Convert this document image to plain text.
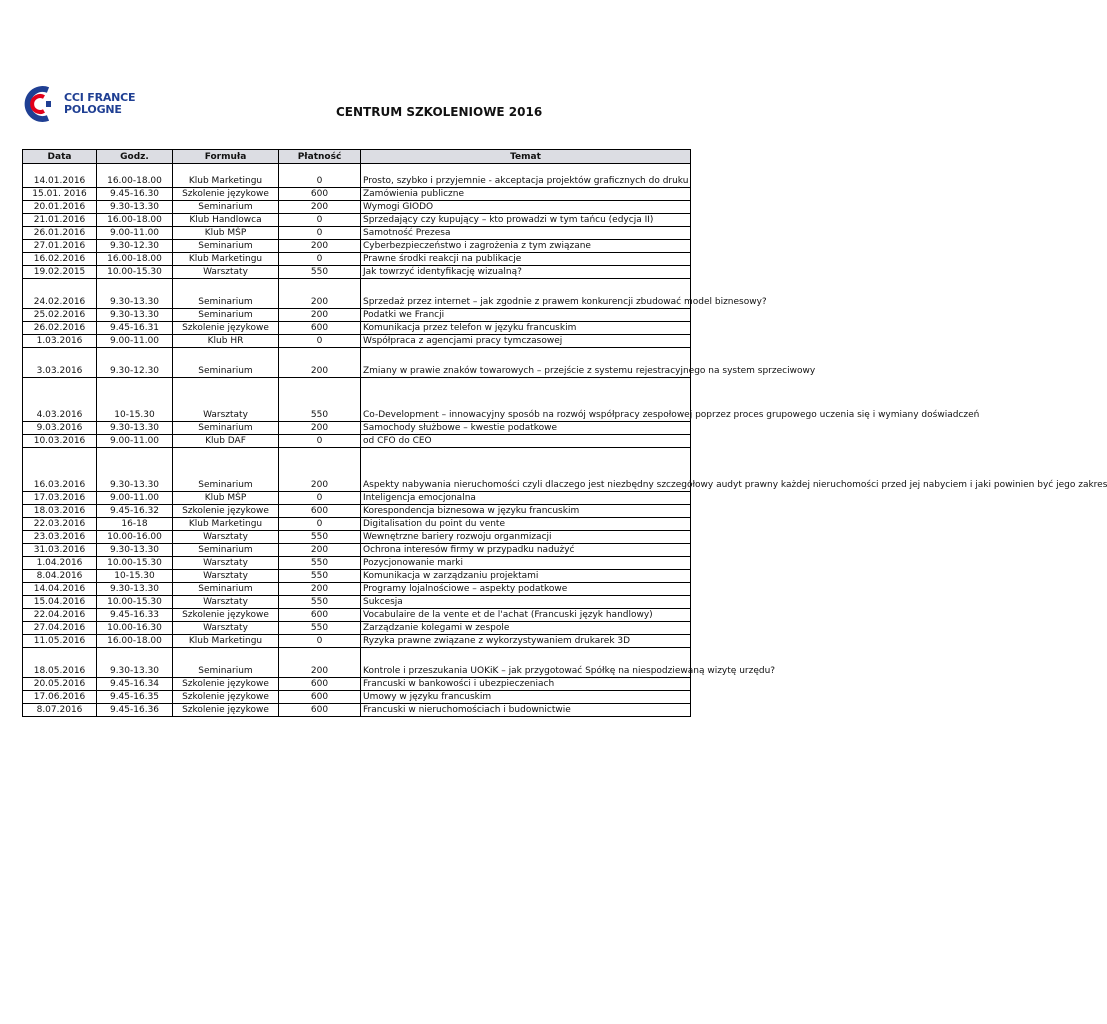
CCI FRANCE
POLOGNE	CENTRUM SZKOLENIOWE 2016
Data	Godz.	Formuła	Płatność	Temat
14.01.2016	16.00-18.00	Klub Marketingu	0	Prosto, szybko i przyjemnie - akceptacja projektów graficznych do druku
15.01. 2016	9.45-16.30	Szkolenie językowe	600	Zamówienia publiczne
20.01.2016	9.30-13.30	Seminarium	200	Wymogi GIODO
21.01.2016	16.00-18.00	Klub Handlowca	0	Sprzedający czy kupujący – kto prowadzi w tym tańcu (edycja II)
26.01.2016	9.00-11.00	Klub MŚP	0	Samotność Prezesa
27.01.2016	9.30-12.30	Seminarium	200	Cyberbezpieczeństwo i zagrożenia z tym związane
16.02.2016	16.00-18.00	Klub Marketingu	0	Prawne środki reakcji na publikacje
19.02.2015	10.00-15.30	Warsztaty	550	Jak towrzyć identyfikację wizualną?
24.02.2016	9.30-13.30	Seminarium	200	Sprzedaż przez internet – jak zgodnie z prawem konkurencji zbudować model biznesowy?
25.02.2016	9.30-13.30	Seminarium	200	Podatki we Francji
26.02.2016	9.45-16.31	Szkolenie językowe	600	Komunikacja przez telefon w języku francuskim
1.03.2016	9.00-11.00	Klub HR	0	Współpraca z agencjami pracy tymczasowej
3.03.2016	9.30-12.30	Seminarium	200	Zmiany w prawie znaków towarowych – przejście z systemu rejestracyjnego na system sprzeciwowy
4.03.2016	10-15.30	Warsztaty	550	Co-Development – innowacyjny sposób na rozwój współpracy zespołowej poprzez proces grupowego uczenia się i wymiany doświadczeń
9.03.2016	9.30-13.30	Seminarium	200	Samochody służbowe – kwestie podatkowe
10.03.2016	9.00-11.00	Klub DAF	0	od CFO do CEO
16.03.2016	9.30-13.30	Seminarium	200	Aspekty nabywania nieruchomości czyli dlaczego jest niezbędny szczegółowy audyt prawny każdej nieruchomości przed jej nabyciem i jaki powinien być jego zakres
17.03.2016	9.00-11.00	Klub MŚP	0	Inteligencja emocjonalna
18.03.2016	9.45-16.32	Szkolenie językowe	600	Korespondencja biznesowa w języku francuskim
22.03.2016	16-18	Klub Marketingu	0	Digitalisation du point du vente
23.03.2016	10.00-16.00	Warsztaty	550	Wewnętrzne bariery rozwoju organmizacji
31.03.2016	9.30-13.30	Seminarium	200	Ochrona interesów firmy w przypadku nadużyć
1.04.2016	10.00-15.30	Warsztaty	550	Pozycjonowanie marki
8.04.2016	10-15.30	Warsztaty	550	Komunikacja w zarządzaniu projektami
14.04.2016	9.30-13.30	Seminarium	200	Programy lojalnościowe – aspekty podatkowe
15.04.2016	10.00-15.30	Warsztaty	550	Sukcesja
22.04.2016	9.45-16.33	Szkolenie językowe	600	Vocabulaire de la vente et de l'achat (Francuski język handlowy)
27.04.2016	10.00-16.30	Warsztaty	550	Zarządzanie kolegami w zespole
11.05.2016	16.00-18.00	Klub Marketingu	0	Ryzyka prawne związane z wykorzystywaniem drukarek 3D
18.05.2016	9.30-13.30	Seminarium	200	Kontrole i przeszukania UOKiK – jak przygotować Spółkę na niespodziewaną wizytę urzędu?
20.05.2016	9.45-16.34	Szkolenie językowe	600	Francuski w bankowości i ubezpieczeniach
17.06.2016	9.45-16.35	Szkolenie językowe	600	Umowy w języku francuskim
8.07.2016	9.45-16.36	Szkolenie językowe	600	Francuski w nieruchomościach i budownictwie
